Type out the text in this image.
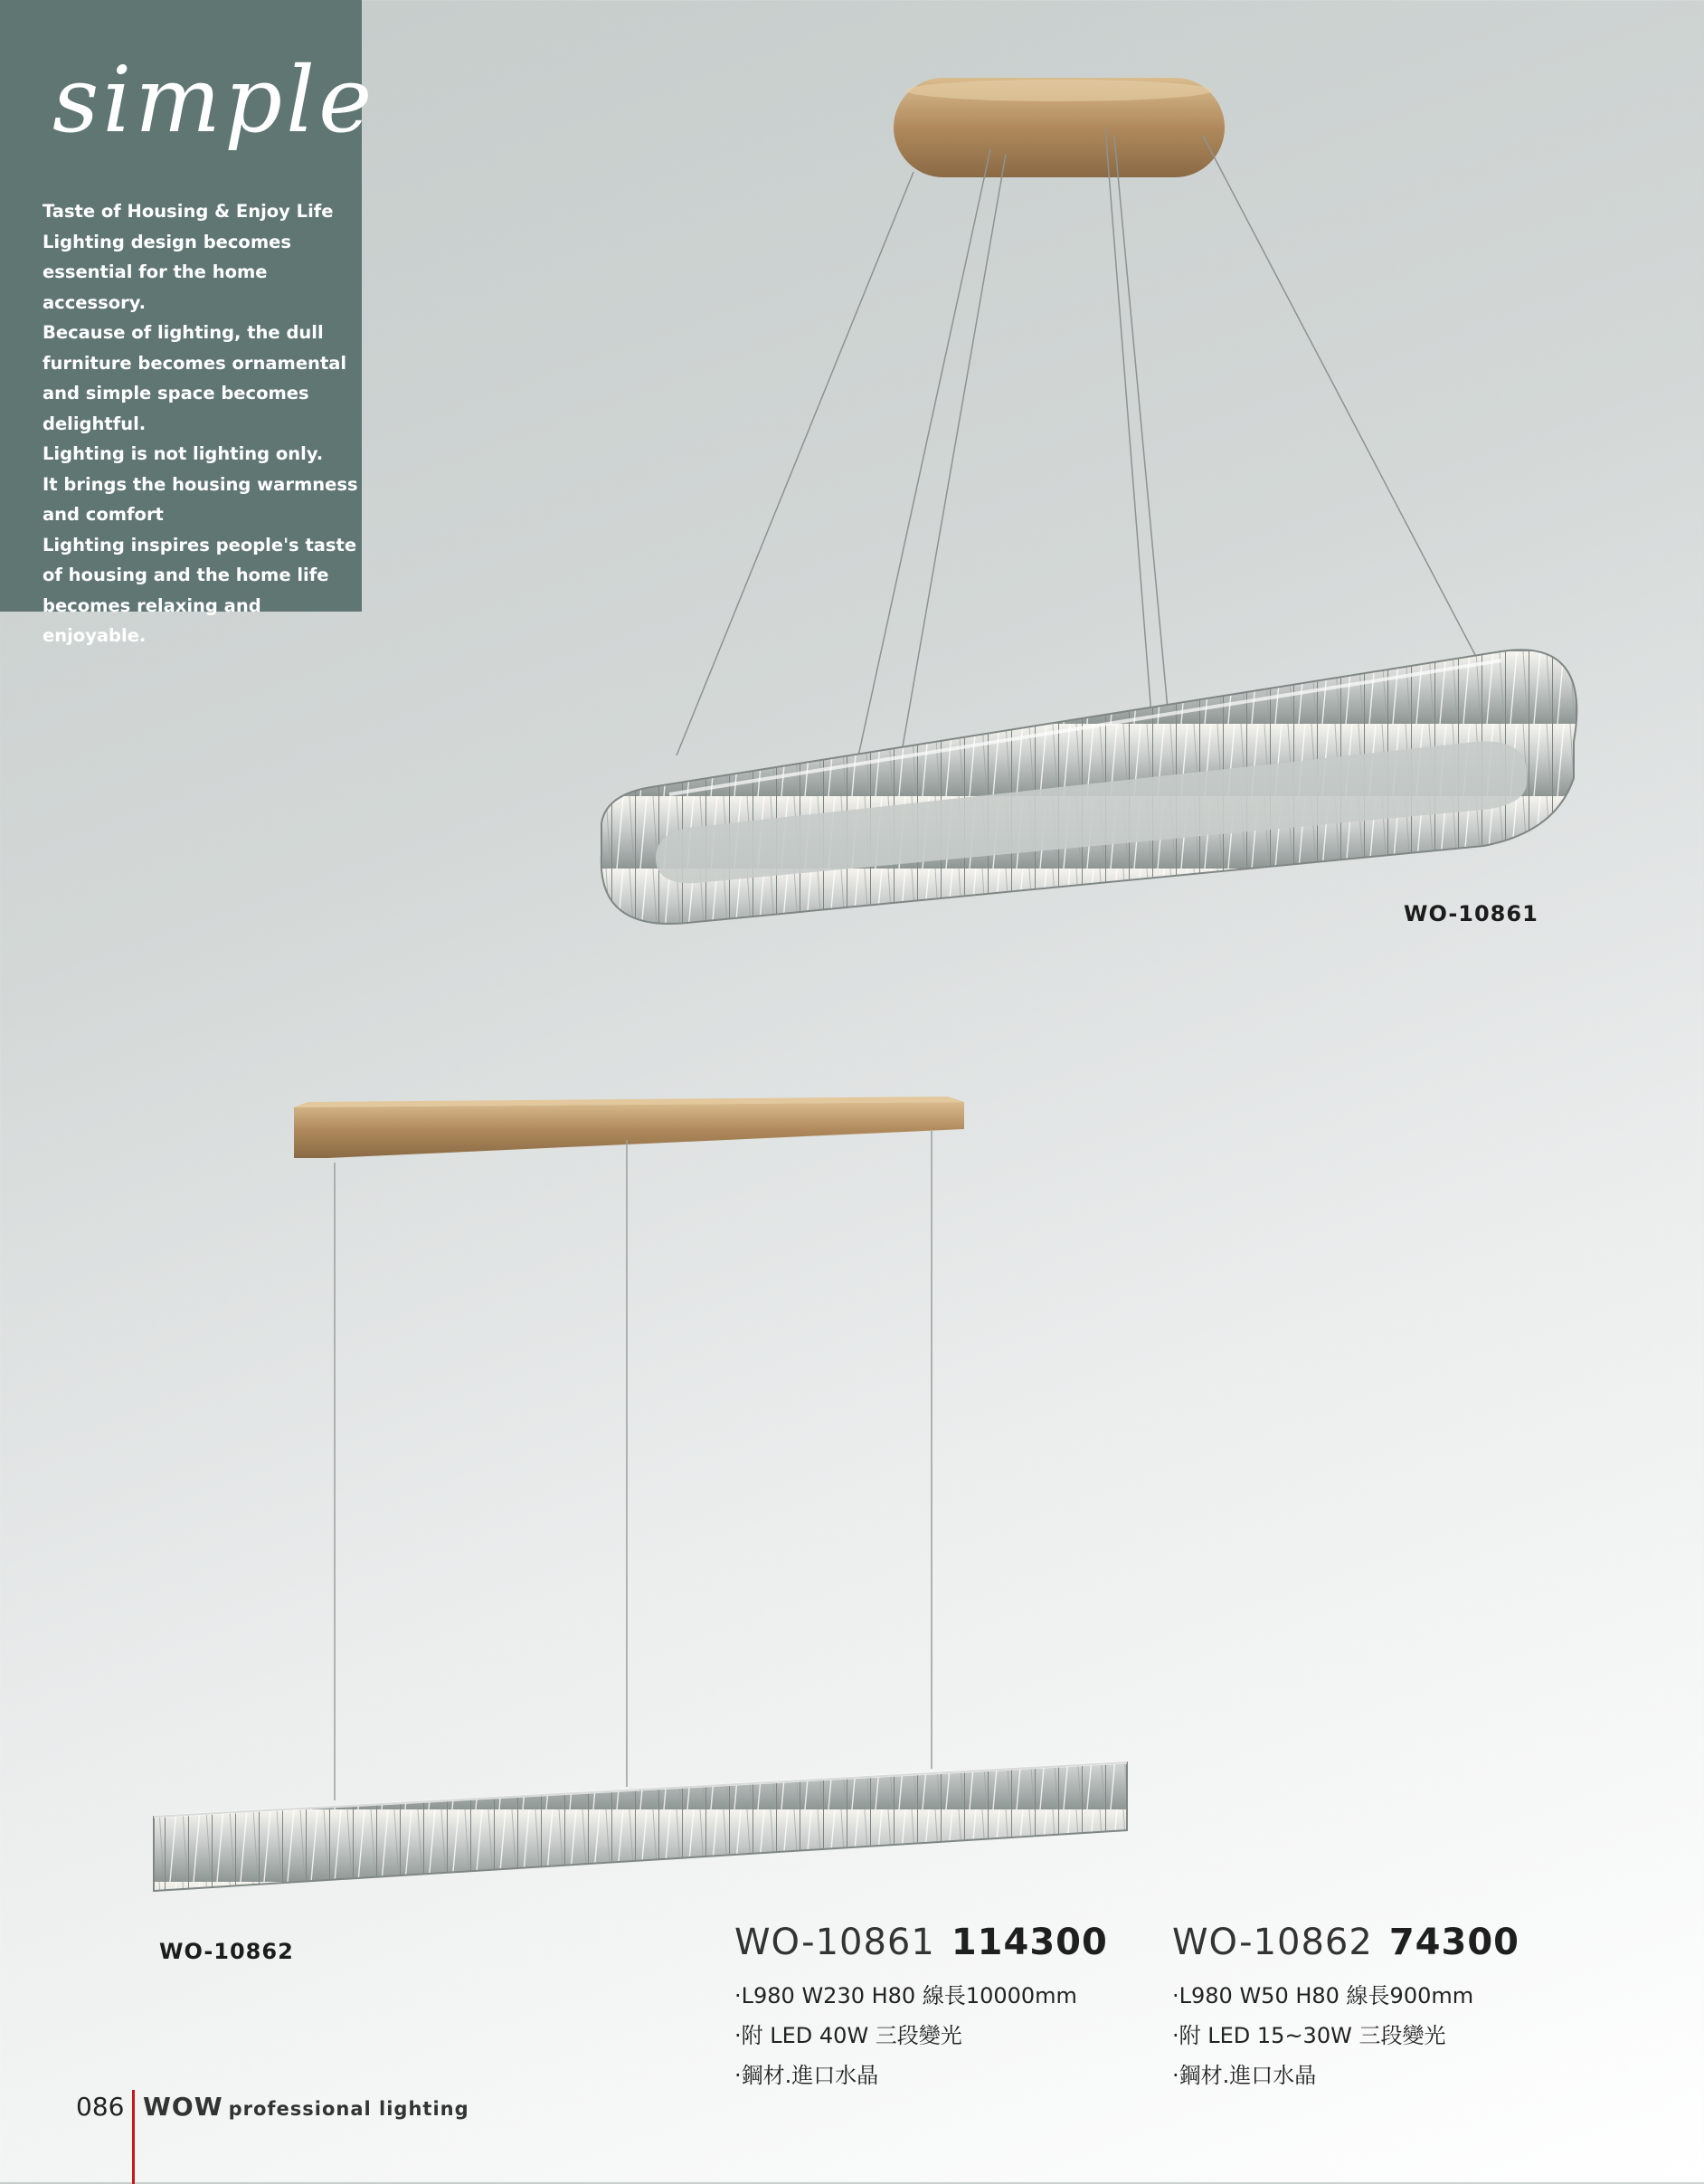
simple
Taste of Housing & Enjoy Life
Lighting design becomes
essential for the home accessory.
Because of lighting, the dull
furniture becomes ornamental
and simple space becomes
delightful.
Lighting is not lighting only.
It brings the housing warmness
and comfort
Lighting inspires people's taste
of housing and the home life
becomes relaxing and enjoyable.
WO-10861
WO-10862	WO-10861 114300
·L980 W230 H80 線長10000mm
·附 LED 40W 三段變光
·鋼材.進口水晶
WO-10862 74300
·L980 W50 H80 線長900mm
·附 LED 15~30W 三段變光
·鋼材.進口水晶
086 WOW professional lighting
